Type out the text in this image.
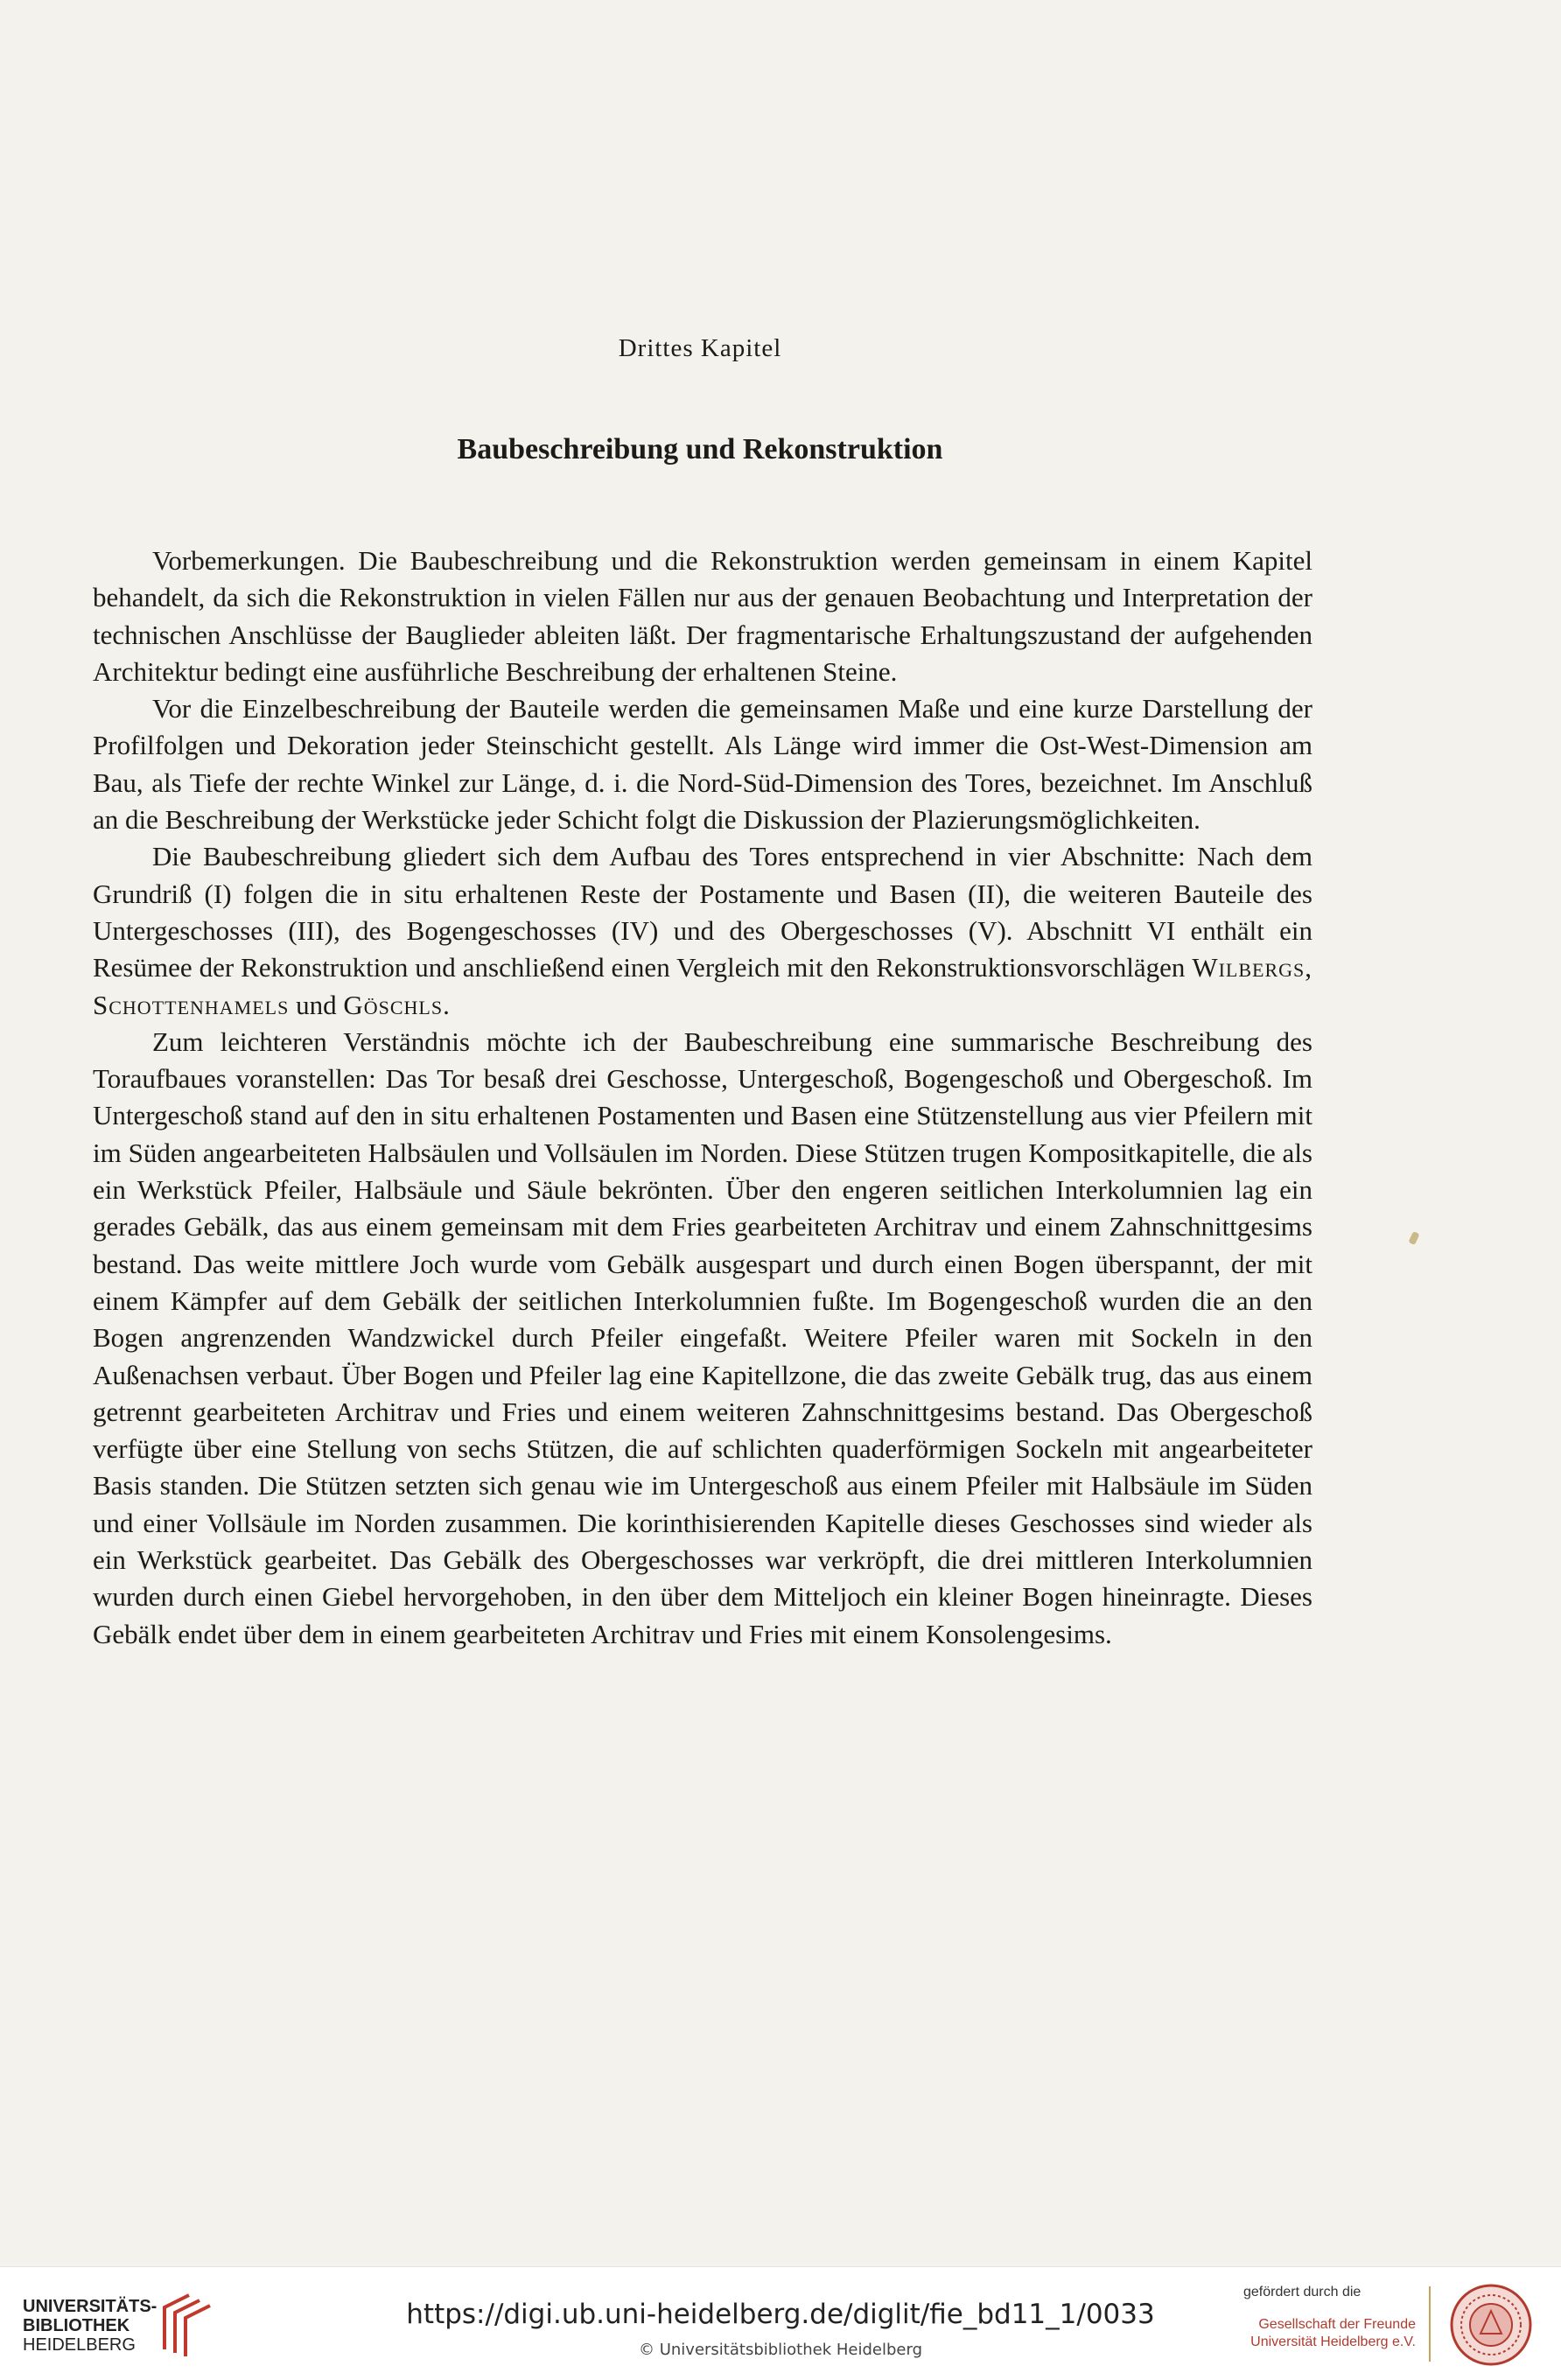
Drittes Kapitel
Baubeschreibung und Rekonstruktion

Vorbemerkungen. Die Baubeschreibung und die Rekonstruktion werden gemeinsam in einem Kapitel behandelt, da sich die Rekonstruktion in vielen Fällen nur aus der genauen Beobachtung und Interpretation der technischen Anschlüsse der Bauglieder ableiten läßt. Der fragmentarische Erhaltungszustand der aufgehenden Architektur bedingt eine ausführliche Beschreibung der erhaltenen Steine.

Vor die Einzelbeschreibung der Bauteile werden die gemeinsamen Maße und eine kurze Darstellung der Profilfolgen und Dekoration jeder Steinschicht gestellt. Als Länge wird immer die Ost-West-Dimension am Bau, als Tiefe der rechte Winkel zur Länge, d. i. die Nord-Süd-Dimension des Tores, bezeichnet. Im Anschluß an die Beschreibung der Werkstücke jeder Schicht folgt die Diskussion der Plazierungsmöglichkeiten.

Die Baubeschreibung gliedert sich dem Aufbau des Tores entsprechend in vier Abschnitte: Nach dem Grundriß (I) folgen die in situ erhaltenen Reste der Postamente und Basen (II), die weiteren Bauteile des Untergeschosses (III), des Bogengeschosses (IV) und des Obergeschosses (V). Abschnitt VI enthält ein Resümee der Rekonstruktion und anschließend einen Vergleich mit den Rekonstruktionsvorschlägen Wilbergs, Schottenhamels und Göschls.

Zum leichteren Verständnis möchte ich der Baubeschreibung eine summarische Beschreibung des Toraufbaues voranstellen: Das Tor besaß drei Geschosse, Untergeschoß, Bogengeschoß und Obergeschoß. Im Untergeschoß stand auf den in situ erhaltenen Postamenten und Basen eine Stützenstellung aus vier Pfeilern mit im Süden angearbeiteten Halbsäulen und Vollsäulen im Norden. Diese Stützen trugen Kompositkapitelle, die als ein Werkstück Pfeiler, Halbsäule und Säule bekrönten. Über den engeren seitlichen Interkolumnien lag ein gerades Gebälk, das aus einem gemeinsam mit dem Fries gearbeiteten Architrav und einem Zahnschnittgesims bestand. Das weite mittlere Joch wurde vom Gebälk ausgespart und durch einen Bogen überspannt, der mit einem Kämpfer auf dem Gebälk der seitlichen Interkolumnien fußte. Im Bogengeschoß wurden die an den Bogen angrenzenden Wandzwickel durch Pfeiler eingefaßt. Weitere Pfeiler waren mit Sockeln in den Außenachsen verbaut. Über Bogen und Pfeiler lag eine Kapitellzone, die das zweite Gebälk trug, das aus einem getrennt gearbeiteten Architrav und Fries und einem weiteren Zahnschnittgesims bestand. Das Obergeschoß verfügte über eine Stellung von sechs Stützen, die auf schlichten quaderförmigen Sockeln mit angearbeiteter Basis standen. Die Stützen setzten sich genau wie im Untergeschoß aus einem Pfeiler mit Halbsäule im Süden und einer Vollsäule im Norden zusammen. Die korinthisierenden Kapitelle dieses Geschosses sind wieder als ein Werkstück gearbeitet. Das Gebälk des Obergeschosses war verkröpft, die drei mittleren Interkolumnien wurden durch einen Giebel hervorgehoben, in den über dem Mitteljoch ein kleiner Bogen hineinragte. Dieses Gebälk endet über dem in einem gearbeiteten Architrav und Fries mit einem Konsolengesims.

UNIVERSITÄTS-
BIBLIOTHEK
HEIDELBERG
https://digi.ub.uni-heidelberg.de/diglit/fie_bd11_1/0033
© Universitätsbibliothek Heidelberg
gefördert durch die
Gesellschaft der Freunde
Universität Heidelberg e.V.
